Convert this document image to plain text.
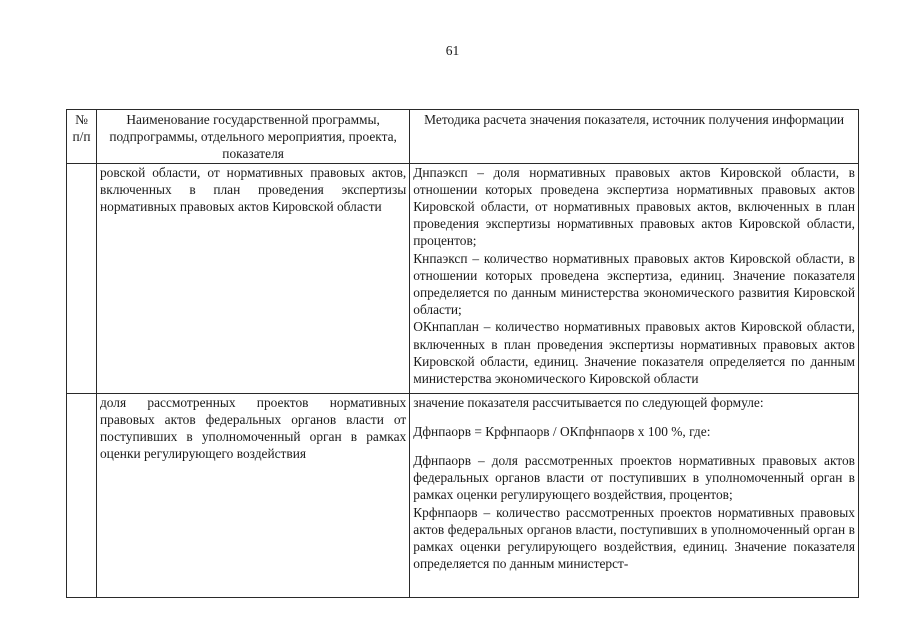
61
№ п/п	Наименование государственной программы, подпрограммы, отдельного мероприятия, проекта, показателя	Методика расчета значения показателя, источник получения информации

	ровской области, от нормативных правовых актов, включенных в план проведения экспертизы нормативных правовых актов Кировской области	Днпаэксп – доля нормативных правовых актов Кировской области, в отношении которых проведена экспертиза нормативных правовых актов Кировской области, от нормативных правовых актов, включенных в план проведения экспертизы нормативных правовых актов Кировской области, процентов;

Кнпаэксп – количество нормативных правовых актов Кировской области, в отношении которых проведена экспертиза, единиц. Значение показателя определяется по данным министерства экономического развития Кировской области;

ОКнпаплан – количество нормативных правовых актов Кировской области, включенных в план проведения экспертизы нормативных правовых актов Кировской области, единиц. Значение показателя определяется по данным министерства экономического Кировской области

	доля рассмотренных проектов нормативных правовых актов федеральных органов власти от поступивших в уполномоченный орган в рамках оценки регулирующего воздействия	значение показателя рассчитывается по следующей формуле:

Дфнпаорв = Крфнпаорв / ОКпфнпаорв х 100 %, где:

Дфнпаорв – доля рассмотренных проектов нормативных правовых актов федеральных органов власти от поступивших в уполномоченный орган в рамках оценки регулирующего воздействия, процентов;

Крфнпаорв – количество рассмотренных проектов нормативных правовых актов федеральных органов власти, поступивших в уполномоченный орган в рамках оценки регулирующего воздействия, единиц. Значение показателя определяется по данным министерст-
